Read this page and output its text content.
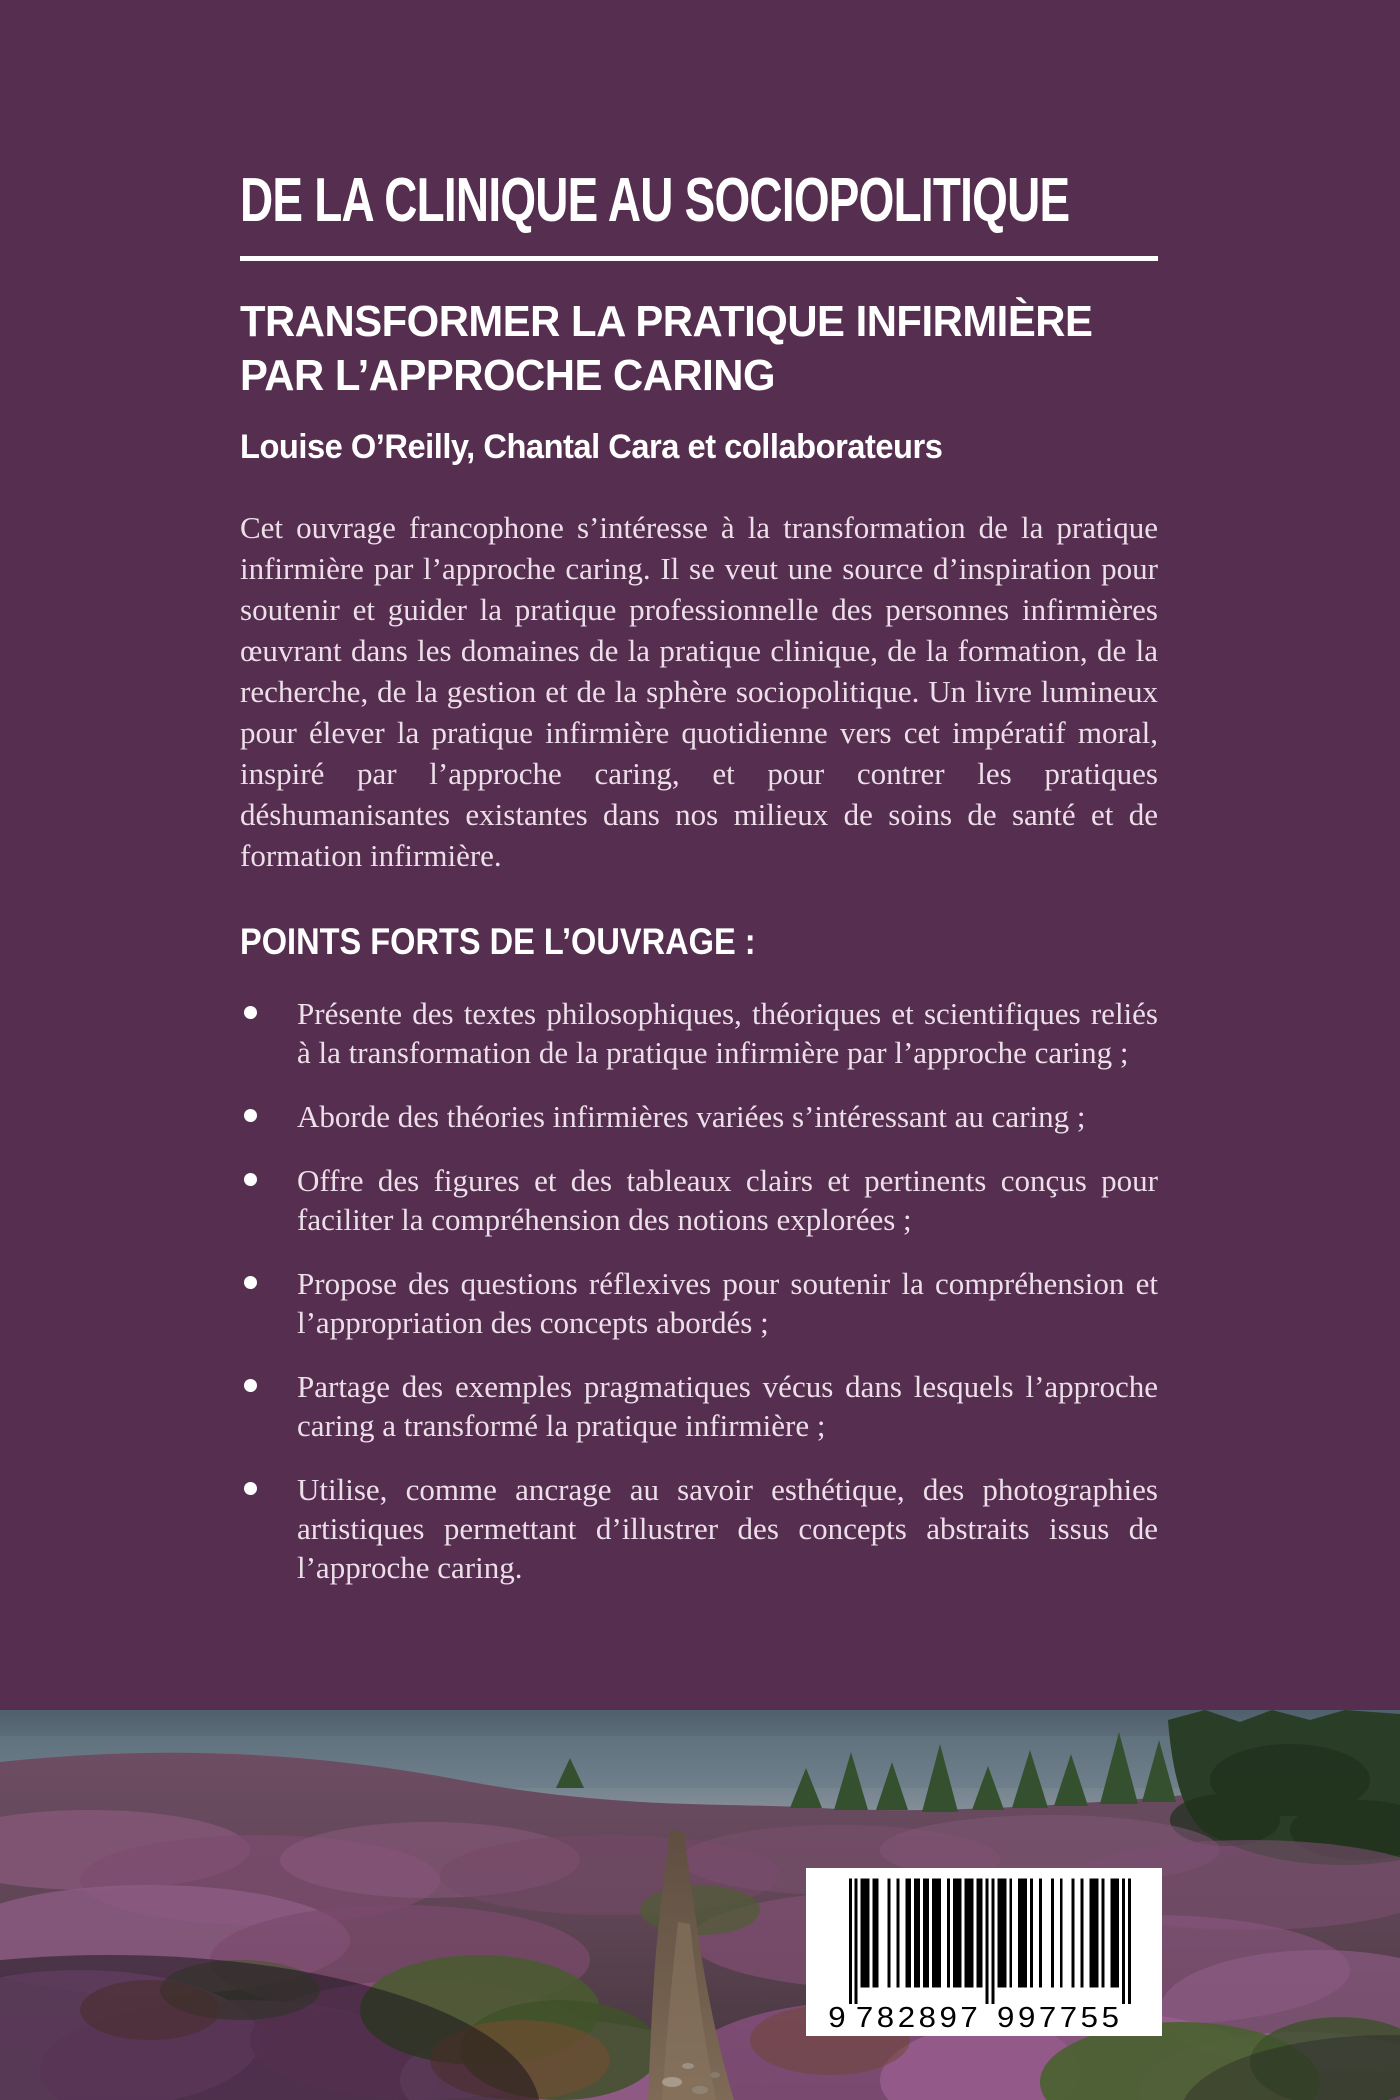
DE LA CLINIQUE AU SOCIOPOLITIQUE
TRANSFORMER LA PRATIQUE INFIRMIÈRE
PAR L’APPROCHE CARING
Louise O’Reilly, Chantal Cara et collaborateurs

Cet ouvrage francophone s’intéresse à la transformation de la pratique infirmière par l’approche caring. Il se veut une source d’inspiration pour soutenir et guider la pratique professionnelle des personnes infirmières œuvrant dans les domaines de la pratique clinique, de la formation, de la recherche, de la gestion et de la sphère sociopolitique. Un livre lumineux pour élever la pratique infirmière quotidienne vers cet impératif moral, inspiré par l’approche caring, et pour contrer les pratiques déshumanisantes existantes dans nos milieux de soins de santé et de formation infirmière.

POINTS FORTS DE L’OUVRAGE :
Présente des textes philosophiques, théoriques et scientifiques reliés à la transformation de la pratique infirmière par l’approche caring ;
Aborde des théories infirmières variées s’intéressant au caring ;
Offre des figures et des tableaux clairs et pertinents conçus pour faciliter la compréhension des notions explorées ;
Propose des questions réflexives pour soutenir la compréhension et l’appropriation des concepts abordés ;
Partage des exemples pragmatiques vécus dans lesquels l’approche caring a transformé la pratique infirmière ;
Utilise, comme ancrage au savoir esthétique, des photographies artistiques permettant d’illustrer des concepts abstraits issus de l’approche caring.
9 782897 997755
